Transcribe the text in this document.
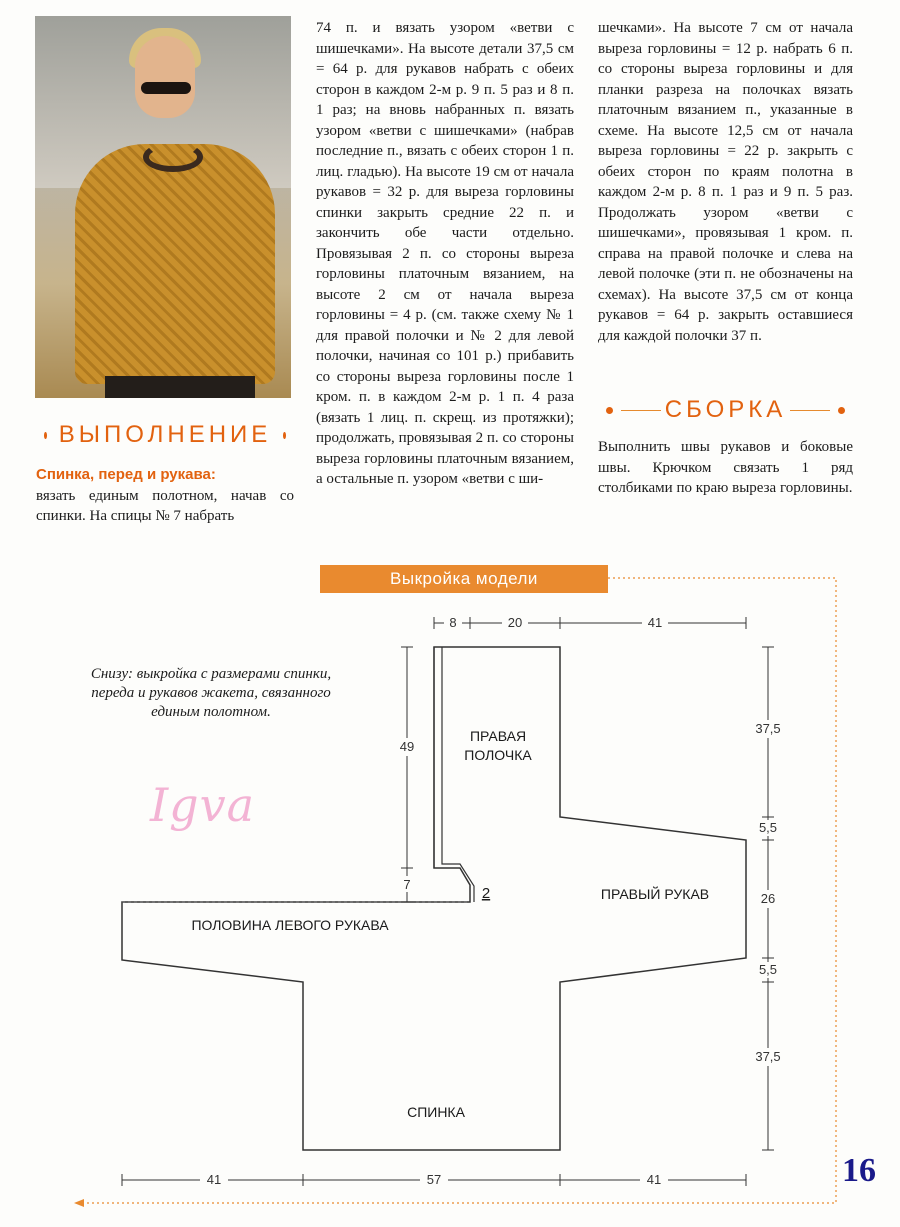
74 п. и вязать узором «ветви с шишечками». На высоте детали 37,5 см = 64 р. для рукавов набрать с обеих сторон в каждом 2-м р. 9 п. 5 раз и 8 п. 1 раз; на вновь набранных п. вязать узором «ветви с шишечками» (набрав последние п., вязать с обеих сторон 1 п. лиц. гладью). На высоте 19 см от начала рукавов = 32 р. для выреза горловины спинки закрыть средние 22 п. и закончить обе части отдельно. Провязывая 2 п. со стороны выреза горловины платочным вязанием, на высоте 2 см от начала выреза горловины = 4 р. (см. также схему № 1 для правой полочки и № 2 для левой полочки, начиная со 101 р.) прибавить со стороны выреза горловины после 1 кром. п. в каждом 2-м р. 1 п. 4 раза (вязать 1 лиц. п. скрещ. из протяжки); продолжать, провязывая 2 п. со стороны выреза горловины платочным вязанием, а остальные п. узором «ветви с ши-

шечками». На высоте 7 см от начала выреза горловины = 12 р. набрать 6 п. со стороны выреза горловины и для планки разреза на полочках вязать платочным вязанием п., указанные в схеме. На высоте 12,5 см от начала выреза горловины = 22 р. закрыть с обеих сторон по краям полотна в каждом 2-м р. 8 п. 1 раз и 9 п. 5 раз. Продолжать узором «ветви с шишечками», провязывая 1 кром. п. справа на правой полочке и слева на левой полочке (эти п. не обозначены на схемах). На высоте 37,5 см от конца рукавов = 64 р. закрыть оставшиеся для каждой полочки 37 п.

ВЫПОЛНЕНИЕ

Спинка, перед и рукава:

вязать единым полотном, начав со спинки. На спицы № 7 набрать

СБОРКА

Выполнить швы рукавов и боковые швы. Крючком связать 1 ряд столбиками по краю выреза горловины.

Выкройка модели
Снизу: выкройка с размерами спинки, переда и рукавов жакета, связанного единым полотном.
Igva
8	20	41
49
7
37,5
5,5
26
5,5
37,5
41	57	41
ПРАВАЯ
ПОЛОЧКА
ПРАВЫЙ РУКАВ
ПОЛОВИНА ЛЕВОГО РУКАВА
СПИНКА
2
16
